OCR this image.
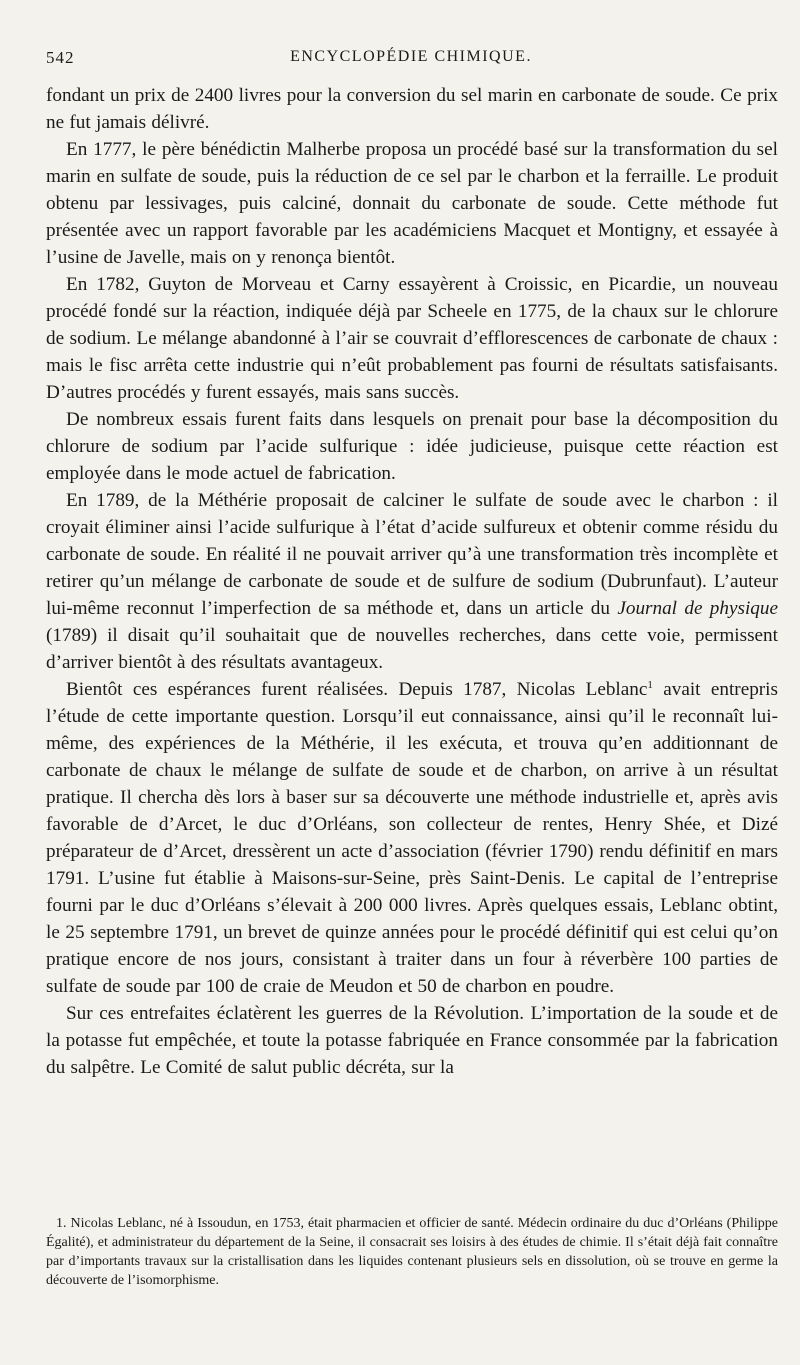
542	ENCYCLOPÉDIE CHIMIQUE.

fondant un prix de 2400 livres pour la conversion du sel marin en carbonate de soude. Ce prix ne fut jamais délivré.

En 1777, le père bénédictin Malherbe proposa un procédé basé sur la transformation du sel marin en sulfate de soude, puis la réduction de ce sel par le charbon et la ferraille. Le produit obtenu par lessivages, puis calciné, donnait du carbonate de soude. Cette méthode fut présentée avec un rapport favorable par les académiciens Macquet et Montigny, et essayée à l’usine de Javelle, mais on y renonça bientôt.

En 1782, Guyton de Morveau et Carny essayèrent à Croissic, en Picardie, un nouveau procédé fondé sur la réaction, indiquée déjà par Scheele en 1775, de la chaux sur le chlorure de sodium. Le mélange abandonné à l’air se couvrait d’efflorescences de carbonate de chaux : mais le fisc arrêta cette industrie qui n’eût probablement pas fourni de résultats satisfaisants. D’autres procédés y furent essayés, mais sans succès.

De nombreux essais furent faits dans lesquels on prenait pour base la décomposition du chlorure de sodium par l’acide sulfurique : idée judicieuse, puisque cette réaction est employée dans le mode actuel de fabrication.

En 1789, de la Méthérie proposait de calciner le sulfate de soude avec le charbon : il croyait éliminer ainsi l’acide sulfurique à l’état d’acide sulfureux et obtenir comme résidu du carbonate de soude. En réalité il ne pouvait arriver qu’à une transformation très incomplète et retirer qu’un mélange de carbonate de soude et de sulfure de sodium (Dubrunfaut). L’auteur lui-même reconnut l’imperfection de sa méthode et, dans un article du Journal de physique (1789) il disait qu’il souhaitait que de nouvelles recherches, dans cette voie, permissent d’arriver bientôt à des résultats avantageux.

Bientôt ces espérances furent réalisées. Depuis 1787, Nicolas Leblanc$^1$ avait entrepris l’étude de cette importante question. Lorsqu’il eut connaissance, ainsi qu’il le reconnaît lui-même, des expériences de la Méthérie, il les exécuta, et trouva qu’en additionnant de carbonate de chaux le mélange de sulfate de soude et de charbon, on arrive à un résultat pratique. Il chercha dès lors à baser sur sa découverte une méthode industrielle et, après avis favorable de d’Arcet, le duc d’Orléans, son collecteur de rentes, Henry Shée, et Dizé préparateur de d’Arcet, dressèrent un acte d’association (février 1790) rendu définitif en mars 1791. L’usine fut établie à Maisons-sur-Seine, près Saint-Denis. Le capital de l’entreprise fourni par le duc d’Orléans s’élevait à 200 000 livres. Après quelques essais, Leblanc obtint, le 25 septembre 1791, un brevet de quinze années pour le procédé définitif qui est celui qu’on pratique encore de nos jours, consistant à traiter dans un four à réverbère 100 parties de sulfate de soude par 100 de craie de Meudon et 50 de charbon en poudre.

Sur ces entrefaites éclatèrent les guerres de la Révolution. L’importation de la soude et de la potasse fut empêchée, et toute la potasse fabriquée en France consommée par la fabrication du salpêtre. Le Comité de salut public décréta, sur la

1. Nicolas Leblanc, né à Issoudun, en 1753, était pharmacien et officier de santé. Médecin ordinaire du duc d’Orléans (Philippe Égalité), et administrateur du département de la Seine, il consacrait ses loisirs à des études de chimie. Il s’était déjà fait connaître par d’importants travaux sur la cristallisation dans les liquides contenant plusieurs sels en dissolution, où se trouve en germe la découverte de l’isomorphisme.
